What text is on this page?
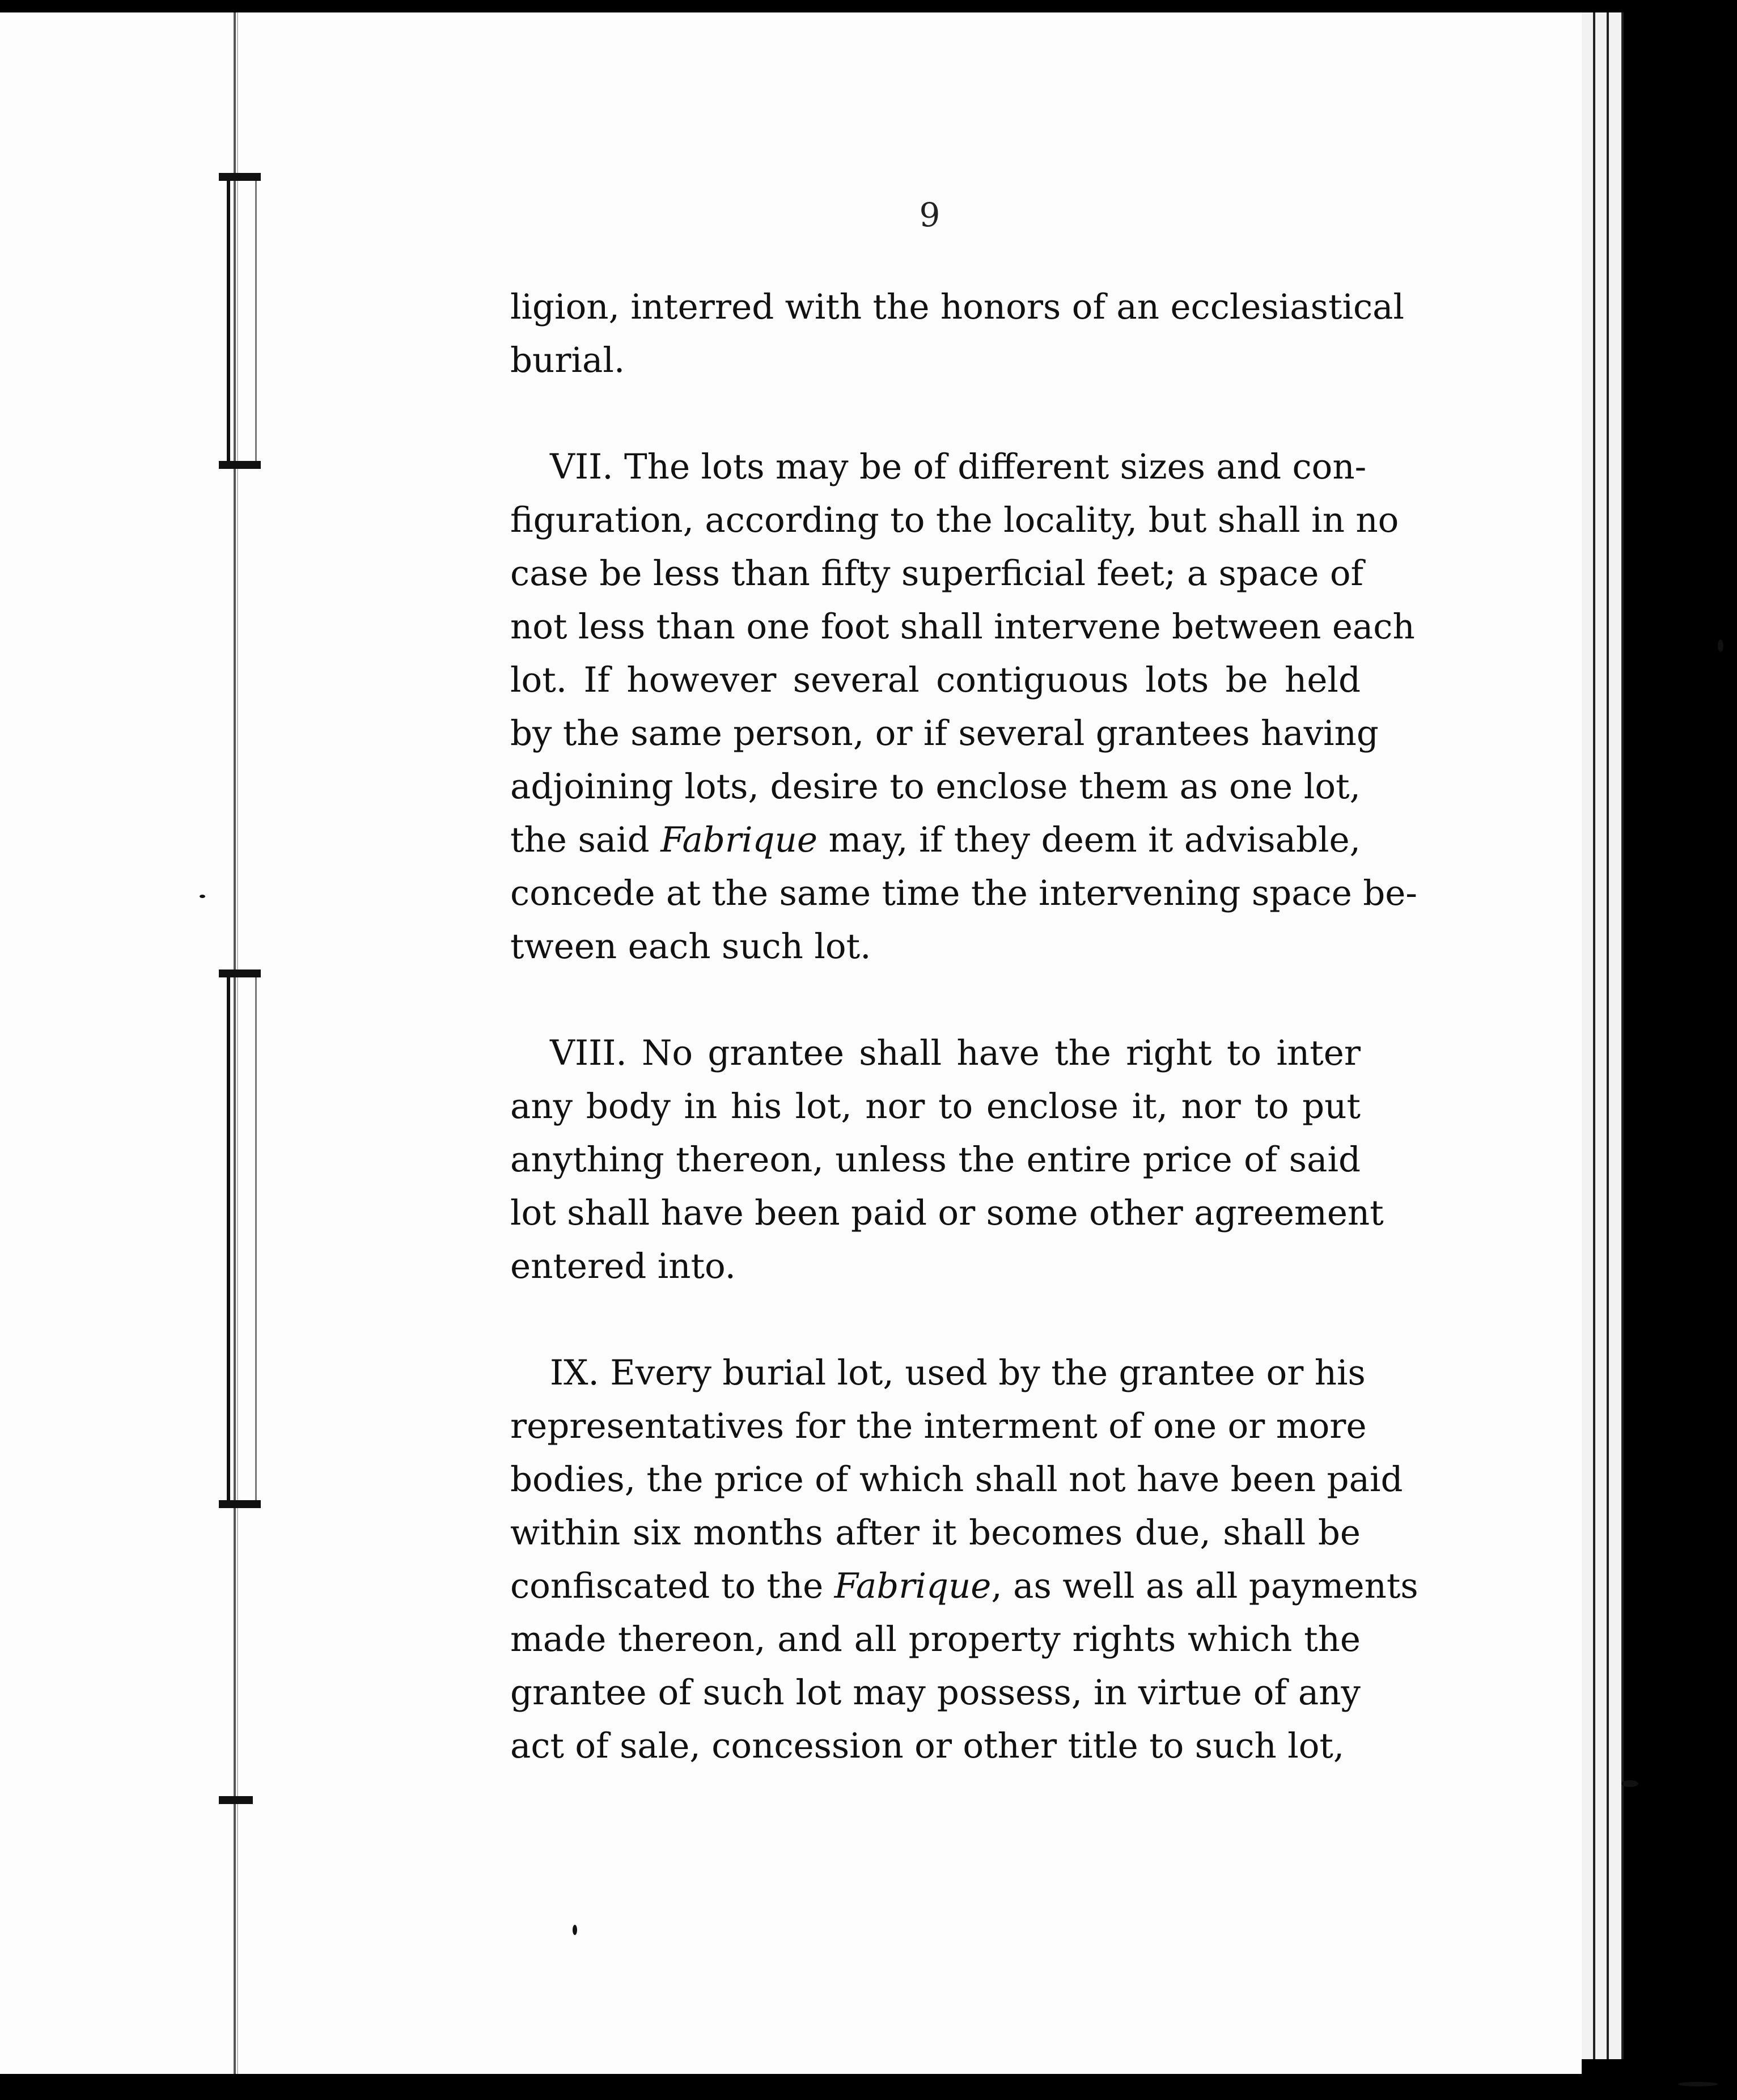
9
ligion, interred with the honors of an ecclesiastical
burial.
VII. The lots may be of different sizes and con-
figuration, according to the locality, but shall in no
case be less than fifty superficial feet; a space of
not less than one foot shall intervene between each
lot. If however several contiguous lots be held
by the same person, or if several grantees having
adjoining lots, desire to enclose them as one lot,
the said Fabrique may, if they deem it advisable,
concede at the same time the intervening space be-
tween each such lot.
VIII. No grantee shall have the right to inter
any body in his lot, nor to enclose it, nor to put
anything thereon, unless the entire price of said
lot shall have been paid or some other agreement
entered into.
IX. Every burial lot, used by the grantee or his
representatives for the interment of one or more
bodies, the price of which shall not have been paid
within six months after it becomes due, shall be
confiscated to the Fabrique, as well as all payments
made thereon, and all property rights which the
grantee of such lot may possess, in virtue of any
act of sale, concession or other title to such lot,
